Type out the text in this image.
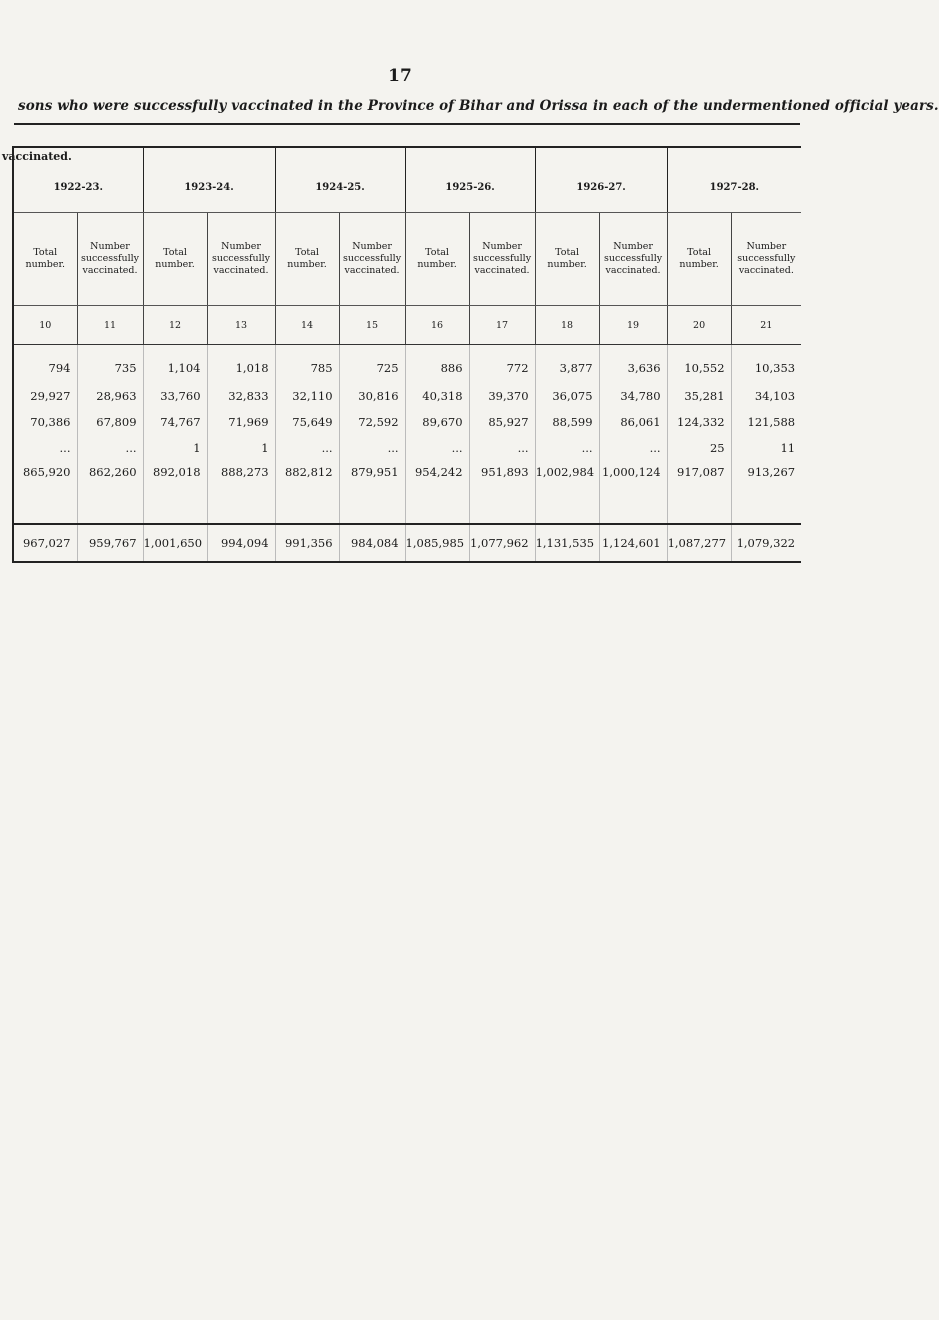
17
sons who were successfully vaccinated in the Province of Bihar and Orissa in each of the undermentioned official years.
vaccinated.
1922-23.		1923-24.		1924-25.		1925-26.		1926-27.		1927-28.	
Total number.	Number successfully vaccinated.	Total number.	Number successfully vaccinated.	Total number.	Number successfully vaccinated.	Total number.	Number successfully vaccinated.	Total number.	Number successfully vaccinated.	Total number.	Number successfully vaccinated.
10	11	12	13	14	15	16	17	18	19	20	21
794	735	1,104	1,018	785	725	886	772	3,877	3,636	10,552	10,353
29,927	28,963	33,760	32,833	32,110	30,816	40,318	39,370	36,075	34,780	35,281	34,103
70,386	67,809	74,767	71,969	75,649	72,592	89,670	85,927	88,599	86,061	124,332	121,588
...	...	1	1	...	...	...	...	...	...	25	11
865,920	862,260	892,018	888,273	882,812	879,951	954,242	951,893	1,002,984	1,000,124	917,087	913,267
967,027	959,767	1,001,650	994,094	991,356	984,084	1,085,985	1,077,962	1,131,535	1,124,601	1,087,277	1,079,322
